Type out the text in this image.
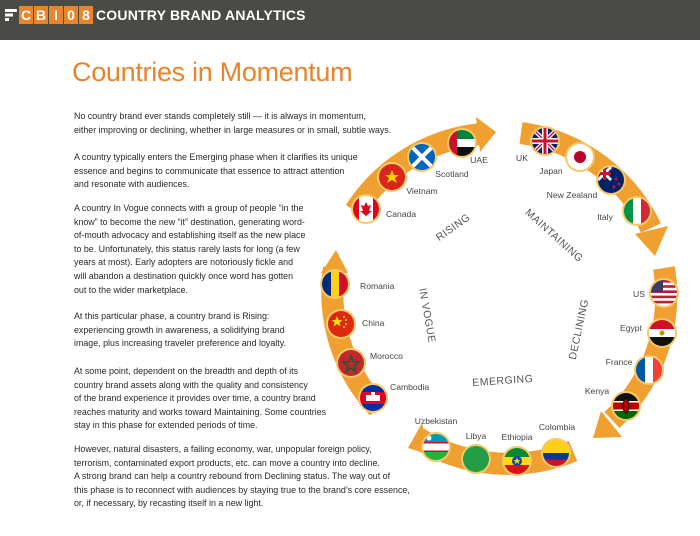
C B I 0 8 COUNTRY BRAND ANALYTICS
Countries in Momentum
No country brand ever stands completely still — it is always in momentum,
either improving or declining, whether in large measures or in small, subtle ways.
A country typically enters the Emerging phase when it clarifies its unique
essence and begins to communicate that essence to attract attention
and resonate with audiences.
A country In Vogue connects with a group of people “in the
know” to become the new “it” destination, generating word-
of-mouth advocacy and establishing itself as the new place
to be. Unfortunately, this status rarely lasts for long (a few
years at most). Early adopters are notoriously fickle and
will abandon a destination quickly once word has gotten
out to the wider marketplace.
At this particular phase, a country brand is Rising:
experiencing growth in awareness, a solidifying brand
image, plus increasing traveler preference and loyalty.
At some point, dependent on the breadth and depth of its
country brand assets along with the quality and consistency
of the brand experience it provides over time, a country brand
reaches maturity and works toward Maintaining. Some countries
stay in this phase for extended periods of time.
However, natural disasters, a failing economy, war, unpopular foreign policy,
terrorism, contaminated export products, etc. can move a country into decline.
A strong brand can help a country rebound from Declining status. The way out of
this phase is to reconnect with audiences by staying true to the brand’s core essence,
or, if necessary, by recasting itself in a new light.
RISING	MAINTAINING
DECLINING
EMERGING
IN VOGUE
UAE
Scotland
Vietnam
Canada
UK
Japan
New Zealand
Italy
US
Egypt
France
Kenya
Romania
China
Morocco
Cambodia
Uzbekistan
Libya Ethiopia
Colombia
